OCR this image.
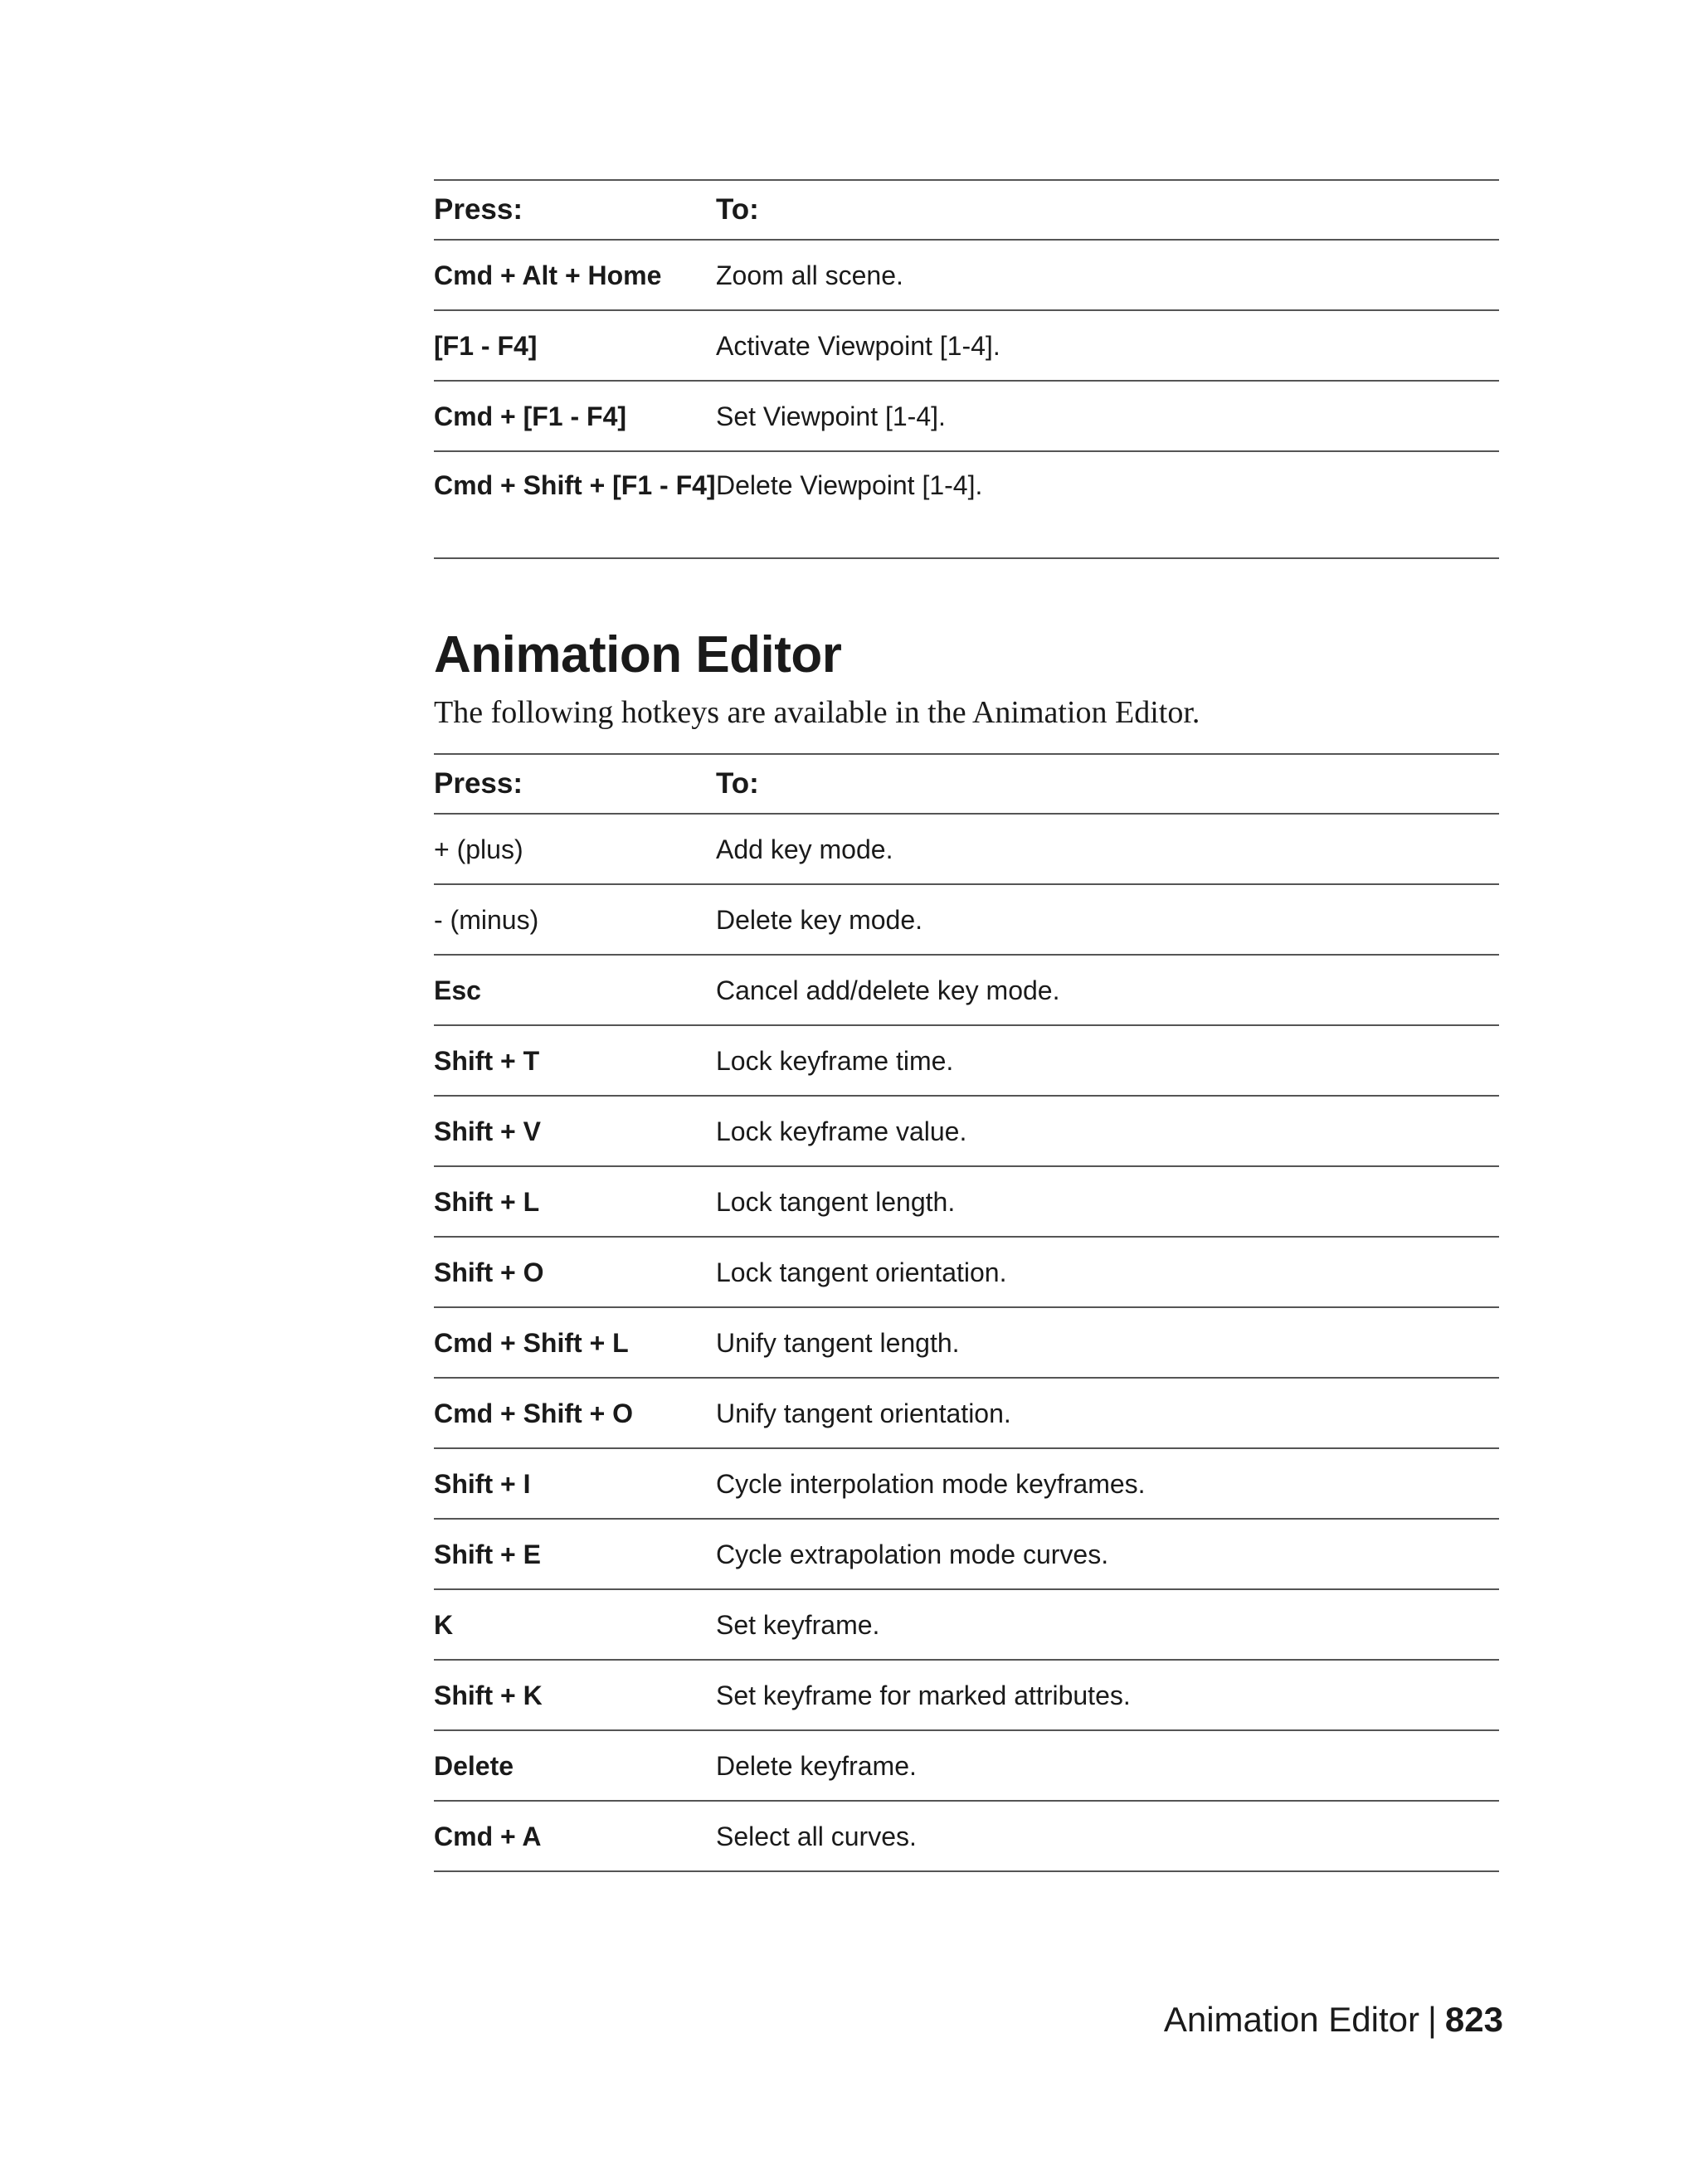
Press:	To:
Cmd + Alt + Home	Zoom all scene.
[F1 - F4]	Activate Viewpoint [1-4].
Cmd + [F1 - F4]	Set Viewpoint [1-4].
Cmd + Shift + [F1 - F4]	Delete Viewpoint [1-4].
Animation Editor

The following hotkeys are available in the Animation Editor.

Press:	To:
+ (plus)	Add key mode.
- (minus)	Delete key mode.
Esc	Cancel add/delete key mode.
Shift + T	Lock keyframe time.
Shift + V	Lock keyframe value.
Shift + L	Lock tangent length.
Shift + O	Lock tangent orientation.
Cmd + Shift + L	Unify tangent length.
Cmd + Shift + O	Unify tangent orientation.
Shift + I	Cycle interpolation mode keyframes.
Shift + E	Cycle extrapolation mode curves.
K	Set keyframe.
Shift + K	Set keyframe for marked attributes.
Delete	Delete keyframe.
Cmd + A	Select all curves.
Animation Editor | 823
